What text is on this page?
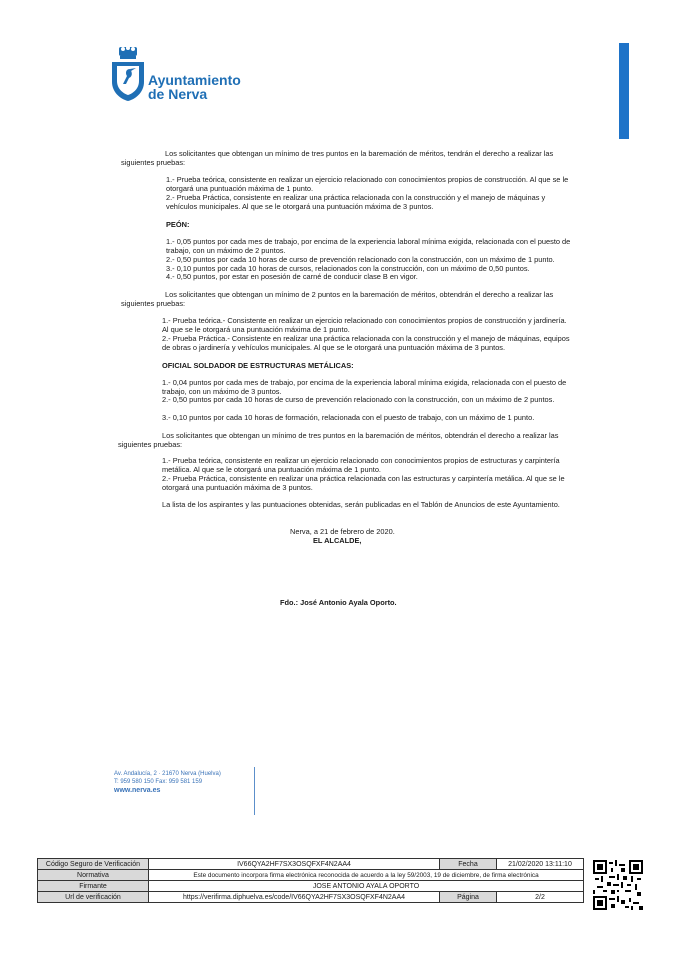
Ayuntamiento
de Nerva
Los solicitantes que obtengan un mínimo de tres puntos en la baremación de méritos, tendrán el derecho a realizar las siguientes pruebas:
1.- Prueba teórica, consistente en realizar un ejercicio relacionado con conocimientos propios de construcción. Al que se le otorgará una puntuación máxima de 1 punto.
2.- Prueba Práctica, consistente en realizar una práctica relacionada con la construcción y el manejo de máquinas y vehículos municipales. Al que se le otorgará una puntuación máxima de 3 puntos.
PEÓN:
1.- 0,05 puntos por cada mes de trabajo, por encima de la experiencia laboral mínima exigida, relacionada con el puesto de trabajo, con un máximo de 2 puntos.
2.- 0,50 puntos por cada 10 horas de curso de prevención relacionado con la construcción, con un máximo de 1 punto.
3.- 0,10 puntos por cada 10 horas de cursos, relacionados con la construcción, con un máximo de 0,50 puntos.
4.- 0,50 puntos, por estar en posesión de carné de conducir clase B en vigor.
Los solicitantes que obtengan un mínimo de 2 puntos en la baremación de méritos, obtendrán el derecho a realizar las siguientes pruebas:
1.- Prueba teórica.- Consistente en realizar un ejercicio relacionado con conocimientos propios de construcción y jardinería. Al que se le otorgará una puntuación máxima de 1 punto.
2.- Prueba Práctica.- Consistente en realizar una práctica relacionada con la construcción y el manejo de máquinas, equipos de obras o jardinería y vehículos municipales. Al que se le otorgará una puntuación máxima de 3 puntos.
OFICIAL SOLDADOR DE ESTRUCTURAS METÁLICAS:
1.- 0,04 puntos por cada mes de trabajo, por encima de la experiencia laboral mínima exigida, relacionada con el puesto de trabajo, con un máximo de 3 puntos.
2.- 0,50 puntos por cada 10 horas de curso de prevención relacionado con la construcción, con un máximo de 2 puntos.
3.- 0,10 puntos por cada 10 horas de formación, relacionada con el puesto de trabajo, con un máximo de 1 punto.
Los solicitantes que obtengan un mínimo de tres puntos en la baremación de méritos, obtendrán el derecho a realizar las siguientes pruebas:
1.- Prueba teórica, consistente en realizar un ejercicio relacionado con conocimientos propios de estructuras y carpintería metálica. Al que se le otorgará una puntuación máxima de 1 punto.
2.- Prueba Práctica, consistente en realizar una práctica relacionada con las estructuras y carpintería metálica. Al que se le otorgará una puntuación máxima de 3 puntos.
La lista de los aspirantes y las puntuaciones obtenidas, serán publicadas en el Tablón de Anuncios de este Ayuntamiento.
Nerva, a 21 de febrero de 2020.
EL ALCALDE,
Fdo.: José Antonio Ayala Oporto.
Av. Andalucía, 2 · 21670 Nerva (Huelva)
T: 959 580 150 Fax: 959 581 159
www.nerva.es
Código Seguro de Verificación	IV66QYA2HF7SX3OSQFXF4N2AA4	Fecha	21/02/2020 13:11:10
Normativa	Este documento incorpora firma electrónica reconocida de acuerdo a la ley 59/2003, 19 de diciembre, de firma electrónica		
Firmante	JOSE ANTONIO AYALA OPORTO		
Url de verificación	https://verifirma.diphuelva.es/code/IV66QYA2HF7SX3OSQFXF4N2AA4	Página	2/2
